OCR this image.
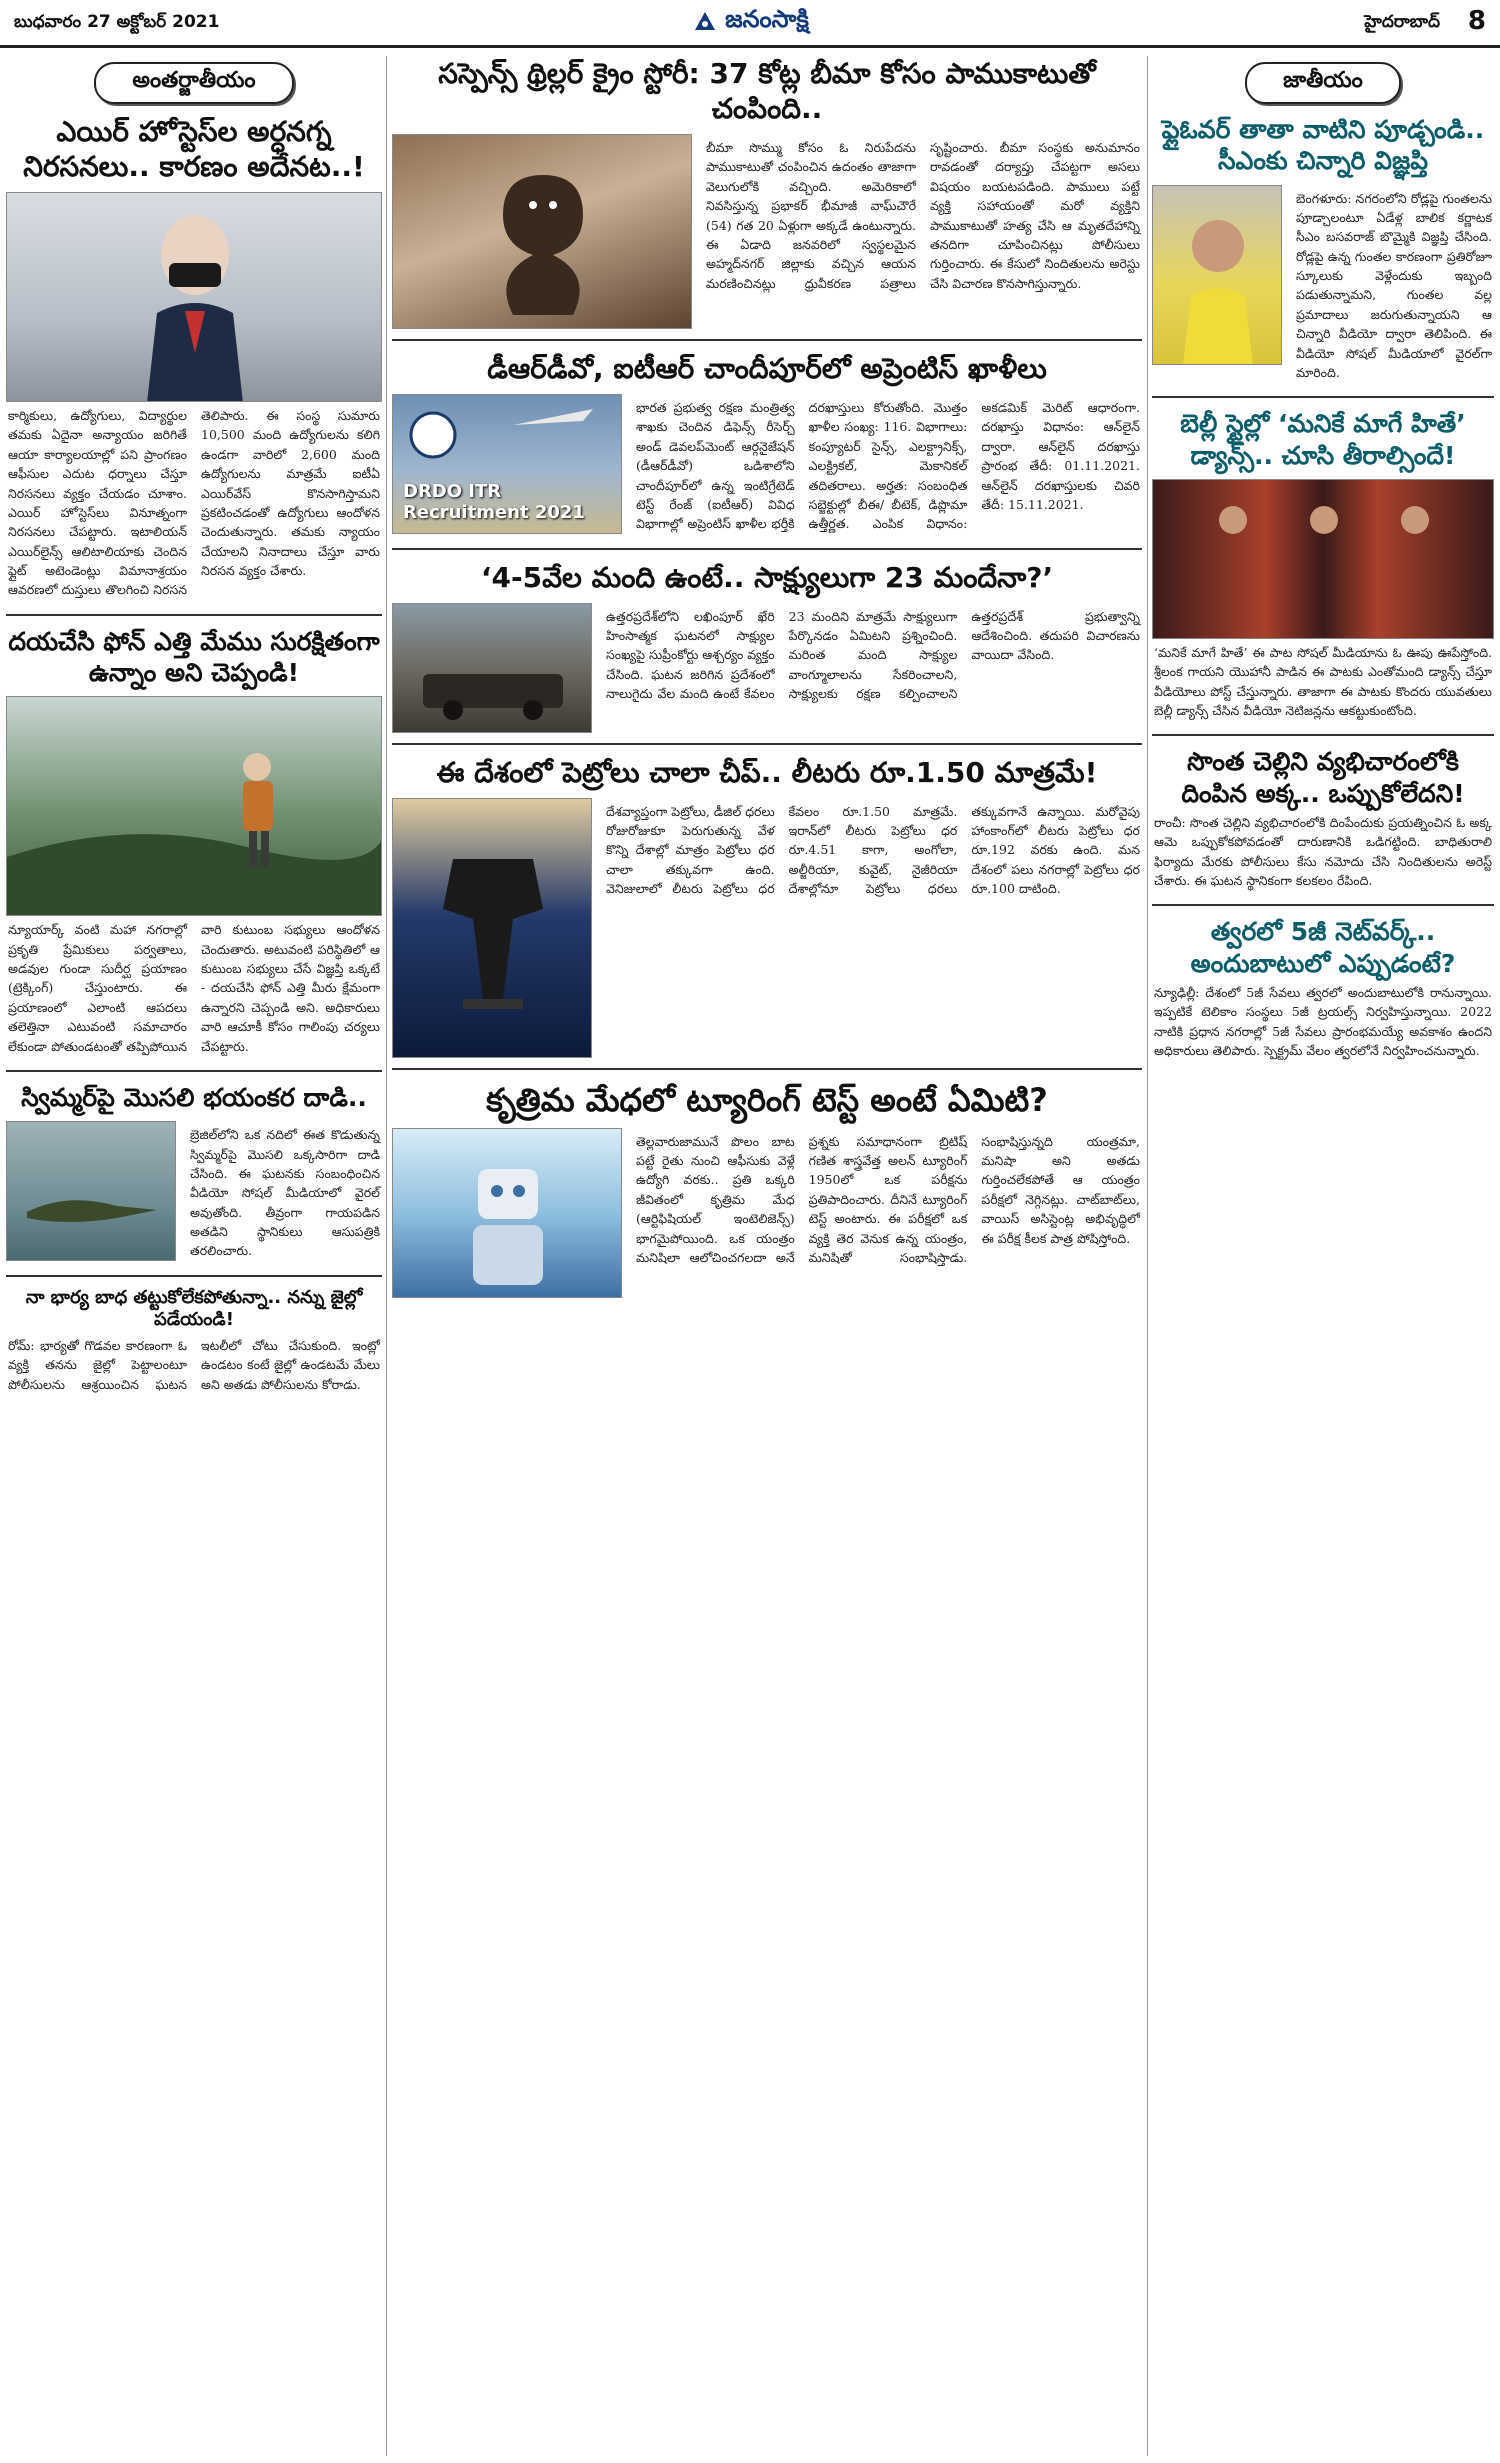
బుధవారం 27 అక్టోబర్ 2021	జనంసాక్షి	హైదరాబాద్ 8
అంతర్జాతీయం
ఎయిర్ హోస్టెస్‌ల అర్ధనగ్న నిరసనలు.. కారణం అదేనట..!
కార్మికులు, ఉద్యోగులు, విద్యార్థుల తమకు ఏదైనా అన్యాయం జరిగితే ఆయా కార్యాలయాల్లో పని ప్రాంగణం ఆఫీసుల ఎదుట ధర్నాలు చేస్తూ నిరసనలు వ్యక్తం చేయడం చూశాం. ఎయిర్ హోస్టెస్‌లు వినూత్నంగా నిరసనలు చేపట్టారు. ఇటాలియన్ ఎయిర్‌లైన్స్ ఆలిటాలియాకు చెందిన ఫ్లైట్ అటెండెంట్లు విమానాశ్రయం ఆవరణలో దుస్తులు తొలగించి నిరసన తెలిపారు. ఈ సంస్థ సుమారు 10,500 మంది ఉద్యోగులను కలిగి ఉండగా వారిలో 2,600 మంది ఉద్యోగులను మాత్రమే ఐటీఏ ఎయిర్‌వేస్ కొనసాగిస్తామని ప్రకటించడంతో ఉద్యోగులు ఆందోళన చెందుతున్నారు. తమకు న్యాయం చేయాలని నినాదాలు చేస్తూ వారు నిరసన వ్యక్తం చేశారు.
దయచేసి ఫోన్ ఎత్తి మేము సురక్షితంగా ఉన్నాం అని చెప్పండి!
న్యూయార్క్ వంటి మహా నగరాల్లో ప్రకృతి ప్రేమికులు పర్వతాలు, అడవుల గుండా సుదీర్ఘ ప్రయాణం (ట్రెక్కింగ్) చేస్తుంటారు. ఈ ప్రయాణంలో ఎలాంటి ఆపదలు తలెత్తినా ఎటువంటి సమాచారం లేకుండా పోతుండటంతో తప్పిపోయిన వారి కుటుంబ సభ్యులు ఆందోళన చెందుతారు. అటువంటి పరిస్థితిలో ఆ కుటుంబ సభ్యులు చేసే విజ్ఞప్తి ఒక్కటే - దయచేసి ఫోన్ ఎత్తి మీరు క్షేమంగా ఉన్నారని చెప్పండి అని. అధికారులు వారి ఆచూకీ కోసం గాలింపు చర్యలు చేపట్టారు.
స్విమ్మర్‌పై మొసలి భయంకర దాడి..
బ్రెజిల్‌లోని ఒక నదిలో ఈత కొడుతున్న స్విమ్మర్‌పై మొసలి ఒక్కసారిగా దాడి చేసింది. ఈ ఘటనకు సంబంధించిన వీడియో సోషల్ మీడియాలో వైరల్ అవుతోంది. తీవ్రంగా గాయపడిన అతడిని స్థానికులు ఆసుపత్రికి తరలించారు.
నా భార్య బాధ తట్టుకోలేకపోతున్నా.. నన్ను జైల్లో పడేయండి!
రోమ్: భార్యతో గొడవల కారణంగా ఓ వ్యక్తి తనను జైల్లో పెట్టాలంటూ పోలీసులను ఆశ్రయించిన ఘటన ఇటలీలో చోటు చేసుకుంది. ఇంట్లో ఉండటం కంటే జైల్లో ఉండటమే మేలు అని అతడు పోలీసులను కోరాడు.
సస్పెన్స్ థ్రిల్లర్ క్రైం స్టోరీ: 37 కోట్ల బీమా కోసం పాముకాటుతో చంపింది..
బీమా సొమ్ము కోసం ఓ నిరుపేదను పాముకాటుతో చంపించిన ఉదంతం తాజాగా వెలుగులోకి వచ్చింది. అమెరికాలో నివసిస్తున్న ప్రభాకర్ భీమాజీ వాఘ్‌చౌరే (54) గత 20 ఏళ్లుగా అక్కడే ఉంటున్నారు. ఈ ఏడాది జనవరిలో స్వస్థలమైన అహ్మద్‌నగర్ జిల్లాకు వచ్చిన ఆయన మరణించినట్లు ధ్రువీకరణ పత్రాలు సృష్టించారు. బీమా సంస్థకు అనుమానం రావడంతో దర్యాప్తు చేపట్టగా అసలు విషయం బయటపడింది. పాములు పట్టే వ్యక్తి సహాయంతో మరో వ్యక్తిని పాముకాటుతో హత్య చేసి ఆ మృతదేహాన్ని తనదిగా చూపించినట్లు పోలీసులు గుర్తించారు. ఈ కేసులో నిందితులను అరెస్టు చేసి విచారణ కొనసాగిస్తున్నారు.
డీఆర్‌డీవో, ఐటీఆర్ చాందీపూర్‌లో అప్రెంటిస్ ఖాళీలు
DRDO ITR Recruitment 2021
భారత ప్రభుత్వ రక్షణ మంత్రిత్వ శాఖకు చెందిన డిఫెన్స్ రీసెర్చ్ అండ్ డెవలప్‌మెంట్ ఆర్గనైజేషన్ (డీఆర్‌డీవో) ఒడిశాలోని చాందీపూర్‌లో ఉన్న ఇంటిగ్రేటెడ్ టెస్ట్ రేంజ్ (ఐటీఆర్) వివిధ విభాగాల్లో అప్రెంటిస్ ఖాళీల భర్తీకి దరఖాస్తులు కోరుతోంది. మొత్తం ఖాళీల సంఖ్య: 116. విభాగాలు: కంప్యూటర్ సైన్స్, ఎలక్ట్రానిక్స్, ఎలక్ట్రికల్, మెకానికల్ తదితరాలు. అర్హత: సంబంధిత సబ్జెక్టుల్లో బీఈ/ బీటెక్, డిప్లొమా ఉత్తీర్ణత. ఎంపిక విధానం: అకడమిక్ మెరిట్ ఆధారంగా. దరఖాస్తు విధానం: ఆన్‌లైన్ ద్వారా. ఆన్‌లైన్ దరఖాస్తు ప్రారంభ తేదీ: 01.11.2021. ఆన్‌లైన్ దరఖాస్తులకు చివరి తేదీ: 15.11.2021.
‘4-5వేల మంది ఉంటే.. సాక్ష్యులుగా 23 మందేనా?’
ఉత్తరప్రదేశ్‌లోని లఖింపూర్ ఖేరి హింసాత్మక ఘటనలో సాక్ష్యుల సంఖ్యపై సుప్రీంకోర్టు ఆశ్చర్యం వ్యక్తం చేసింది. ఘటన జరిగిన ప్రదేశంలో నాలుగైదు వేల మంది ఉంటే కేవలం 23 మందిని మాత్రమే సాక్ష్యులుగా పేర్కొనడం ఏమిటని ప్రశ్నించింది. మరింత మంది సాక్ష్యుల వాంగ్మూలాలను సేకరించాలని, సాక్ష్యులకు రక్షణ కల్పించాలని ఉత్తరప్రదేశ్ ప్రభుత్వాన్ని ఆదేశించింది. తదుపరి విచారణను వాయిదా వేసింది.
ఈ దేశంలో పెట్రోలు చాలా చీప్.. లీటరు రూ.1.50 మాత్రమే!
దేశవ్యాప్తంగా పెట్రోలు, డీజిల్ ధరలు రోజురోజుకూ పెరుగుతున్న వేళ కొన్ని దేశాల్లో మాత్రం పెట్రోలు ధర చాలా తక్కువగా ఉంది. వెనిజులాలో లీటరు పెట్రోలు ధర కేవలం రూ.1.50 మాత్రమే. ఇరాన్‌లో లీటరు పెట్రోలు ధర రూ.4.51 కాగా, అంగోలా, అల్జీరియా, కువైట్, నైజీరియా దేశాల్లోనూ పెట్రోలు ధరలు తక్కువగానే ఉన్నాయి. మరోవైపు హాంకాంగ్‌లో లీటరు పెట్రోలు ధర రూ.192 వరకు ఉంది. మన దేశంలో పలు నగరాల్లో పెట్రోలు ధర రూ.100 దాటింది.
కృత్రిమ మేధలో ట్యూరింగ్ టెస్ట్ అంటే ఏమిటి?
తెల్లవారుజామునే పొలం బాట పట్టే రైతు నుంచి ఆఫీసుకు వెళ్లే ఉద్యోగి వరకు.. ప్రతి ఒక్కరి జీవితంలో కృత్రిమ మేధ (ఆర్టిఫిషియల్ ఇంటెలిజెన్స్) భాగమైపోయింది. ఒక యంత్రం మనిషిలా ఆలోచించగలదా అనే ప్రశ్నకు సమాధానంగా బ్రిటిష్ గణిత శాస్త్రవేత్త అలన్ ట్యూరింగ్ 1950లో ఒక పరీక్షను ప్రతిపాదించారు. దీనినే ట్యూరింగ్ టెస్ట్ అంటారు. ఈ పరీక్షలో ఒక వ్యక్తి తెర వెనుక ఉన్న యంత్రం, మనిషితో సంభాషిస్తాడు. సంభాషిస్తున్నది యంత్రమా, మనిషా అని అతడు గుర్తించలేకపోతే ఆ యంత్రం పరీక్షలో నెగ్గినట్లు. చాట్‌బాట్‌లు, వాయిస్ అసిస్టెంట్ల అభివృద్ధిలో ఈ పరీక్ష కీలక పాత్ర పోషిస్తోంది.
జాతీయం
ఫ్లైఓవర్ తాతా వాటిని పూడ్చండి.. సీఎంకు చిన్నారి విజ్ఞప్తి
బెంగళూరు: నగరంలోని రోడ్లపై గుంతలను పూడ్చాలంటూ ఏడేళ్ల బాలిక కర్ణాటక సీఎం బసవరాజ్ బొమ్మైకి విజ్ఞప్తి చేసింది. రోడ్లపై ఉన్న గుంతల కారణంగా ప్రతిరోజూ స్కూలుకు వెళ్లేందుకు ఇబ్బంది పడుతున్నామని, గుంతల వల్ల ప్రమాదాలు జరుగుతున్నాయని ఆ చిన్నారి వీడియో ద్వారా తెలిపింది. ఈ వీడియో సోషల్ మీడియాలో వైరల్‌గా మారింది.
బెల్లీ స్టైల్లో ‘మనికే మాగే హితే’ డ్యాన్స్.. చూసి తీరాల్సిందే!
‘మనికే మాగే హితే’ ఈ పాట సోషల్ మీడియాను ఓ ఊపు ఊపేస్తోంది. శ్రీలంక గాయని యొహానీ పాడిన ఈ పాటకు ఎంతోమంది డ్యాన్స్ చేస్తూ వీడియోలు పోస్ట్ చేస్తున్నారు. తాజాగా ఈ పాటకు కొందరు యువతులు బెల్లీ డ్యాన్స్ చేసిన వీడియో నెటిజన్లను ఆకట్టుకుంటోంది.
సొంత చెల్లిని వ్యభిచారంలోకి దింపిన అక్క.. ఒప్పుకోలేదని!
రాంచీ: సొంత చెల్లిని వ్యభిచారంలోకి దింపేందుకు ప్రయత్నించిన ఓ అక్క ఆమె ఒప్పుకోకపోవడంతో దారుణానికి ఒడిగట్టింది. బాధితురాలి ఫిర్యాదు మేరకు పోలీసులు కేసు నమోదు చేసి నిందితులను అరెస్ట్ చేశారు. ఈ ఘటన స్థానికంగా కలకలం రేపింది.
త్వరలో 5జీ నెట్‌వర్క్.. అందుబాటులో ఎప్పుడంటే?
న్యూఢిల్లీ: దేశంలో 5జీ సేవలు త్వరలో అందుబాటులోకి రానున్నాయి. ఇప్పటికే టెలికాం సంస్థలు 5జీ ట్రయల్స్ నిర్వహిస్తున్నాయి. 2022 నాటికి ప్రధాన నగరాల్లో 5జీ సేవలు ప్రారంభమయ్యే అవకాశం ఉందని అధికారులు తెలిపారు. స్పెక్ట్రమ్ వేలం త్వరలోనే నిర్వహించనున్నారు.
